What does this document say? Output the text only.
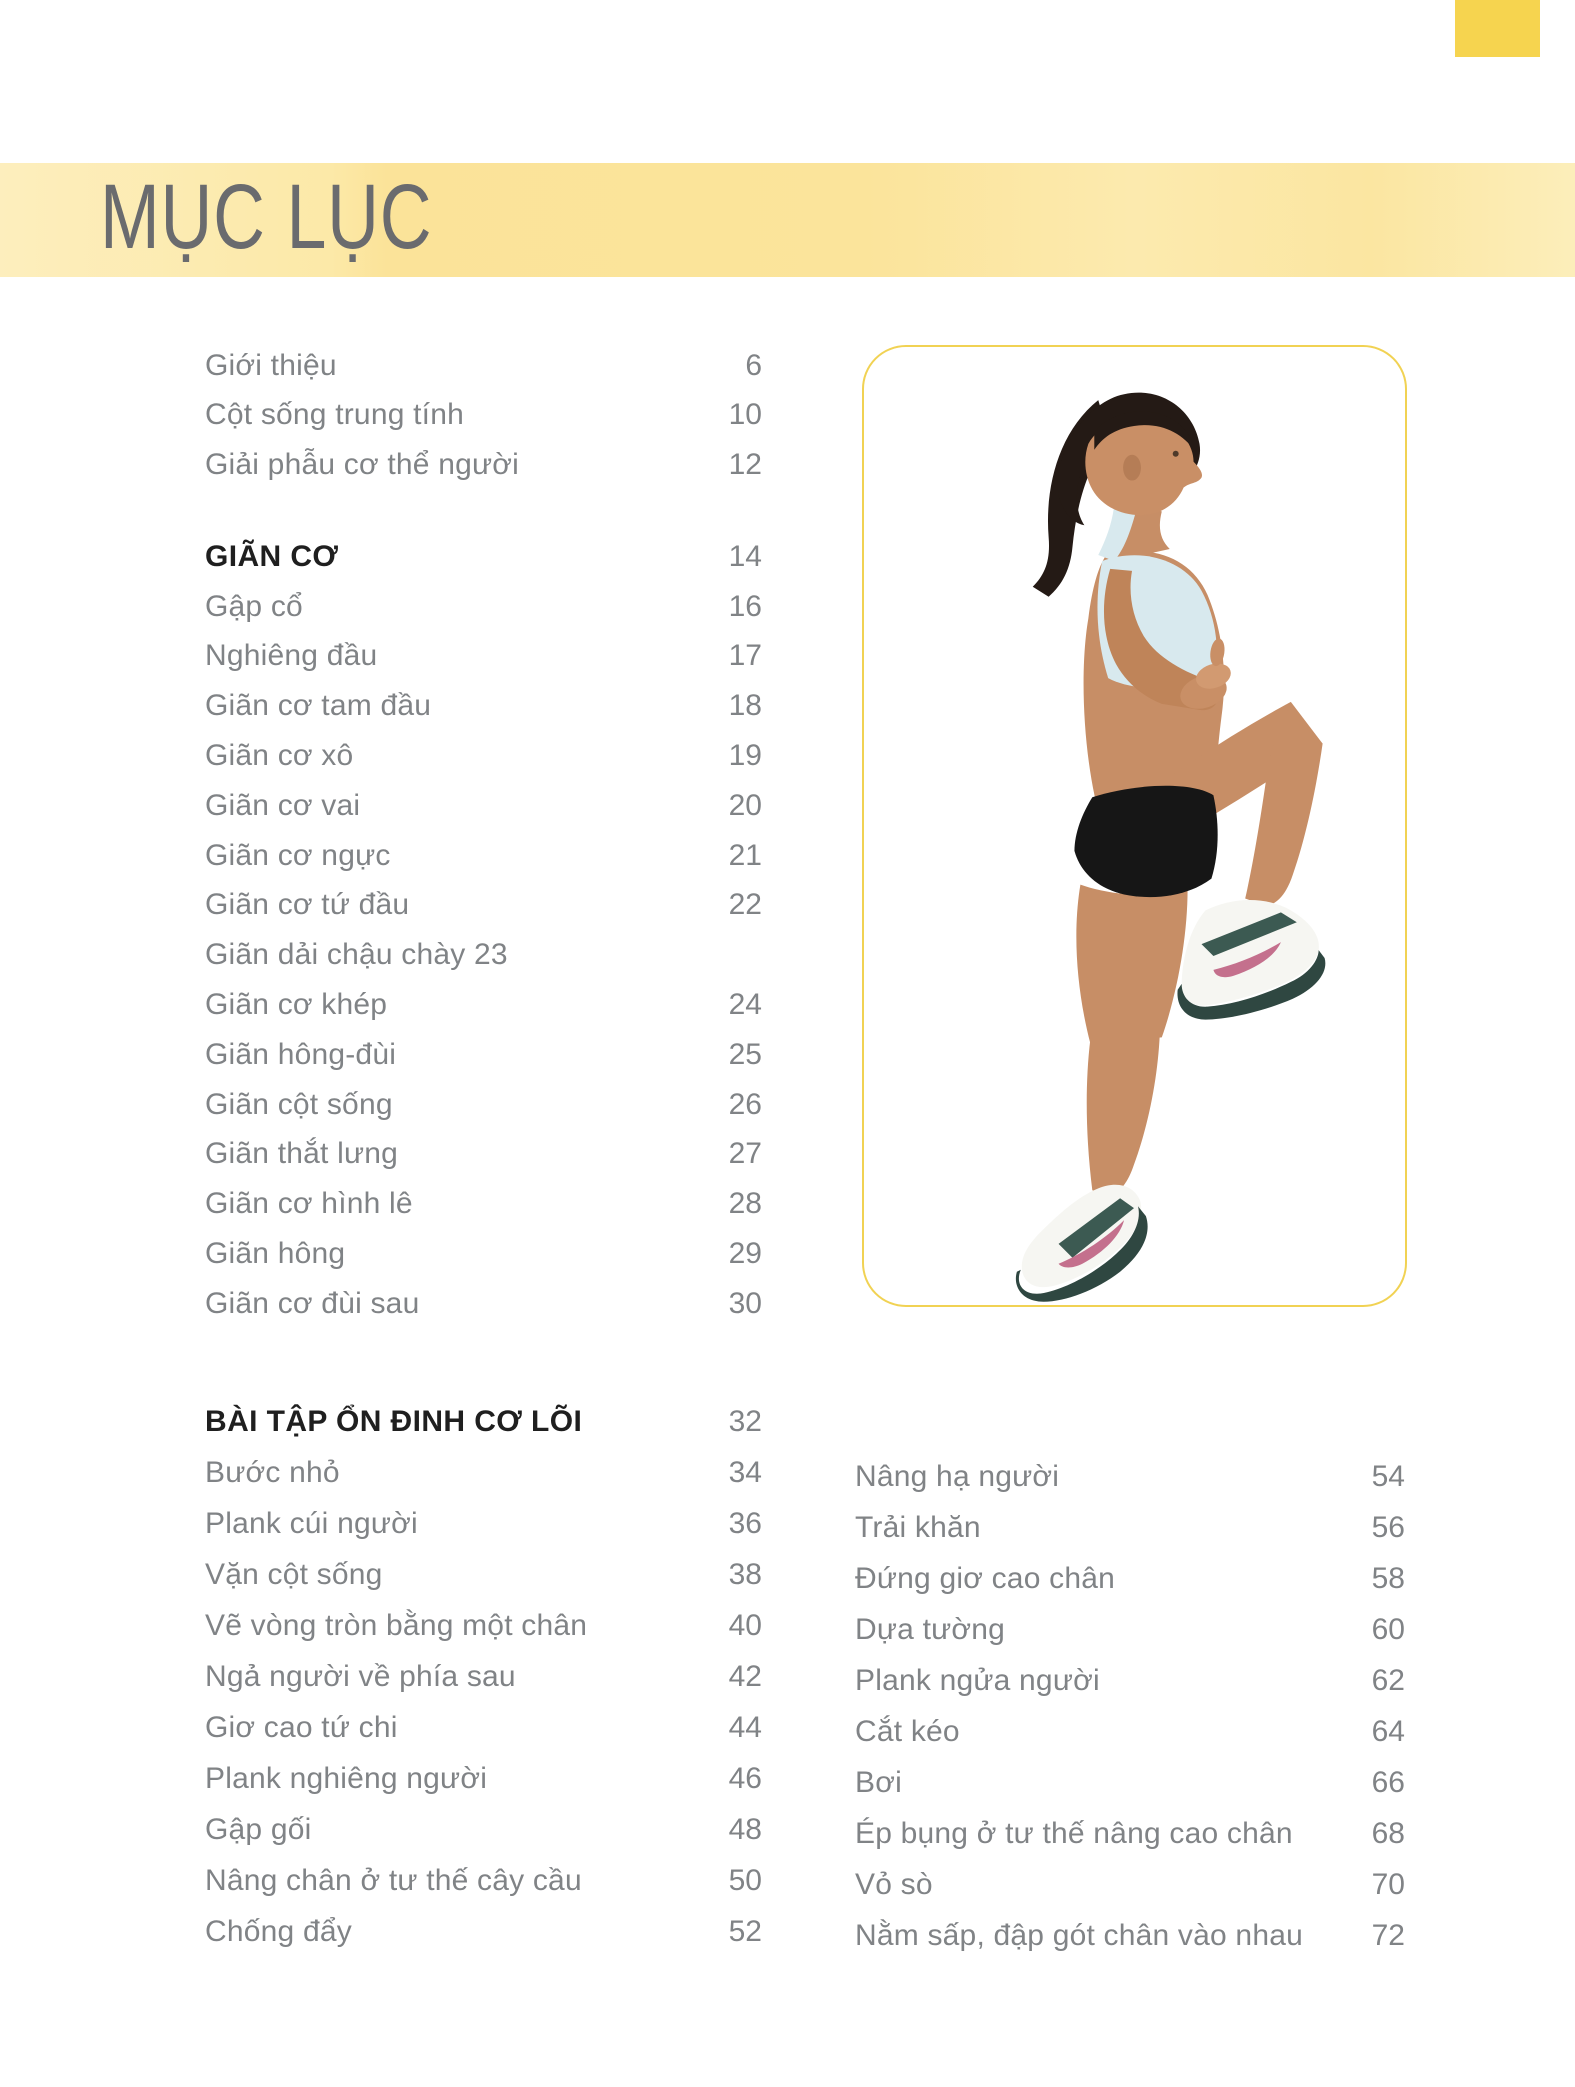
MỤC LỤC
Giới thiệu	6
Cột sống trung tính	10
Giải phẫu cơ thể người	12
GIÃN CƠ	14
Gập cổ	16
Nghiêng đầu	17
Giãn cơ tam đầu	18
Giãn cơ xô	19
Giãn cơ vai	20
Giãn cơ ngực	21
Giãn cơ tứ đầu	22
Giãn dải chậu chày 23
Giãn cơ khép	24
Giãn hông-đùi	25
Giãn cột sống	26
Giãn thắt lưng	27
Giãn cơ hình lê	28
Giãn hông	29
Giãn cơ đùi sau	30
BÀI TẬP ỔN ĐINH CƠ LÕI	32
Bước nhỏ	34
Plank cúi người	36
Vặn cột sống	38
Vẽ vòng tròn bằng một chân	40
Ngả người về phía sau	42
Giơ cao tứ chi	44
Plank nghiêng người	46
Gập gối	48
Nâng chân ở tư thế cây cầu	50
Chống đẩy	52
Nâng hạ người	54
Trải khăn	56
Đứng giơ cao chân	58
Dựa tường	60
Plank ngửa người	62
Cắt kéo	64
Bơi	66
Ép bụng ở tư thế nâng cao chân	68
Vỏ sò	70
Nằm sấp, đập gót chân vào nhau 72
